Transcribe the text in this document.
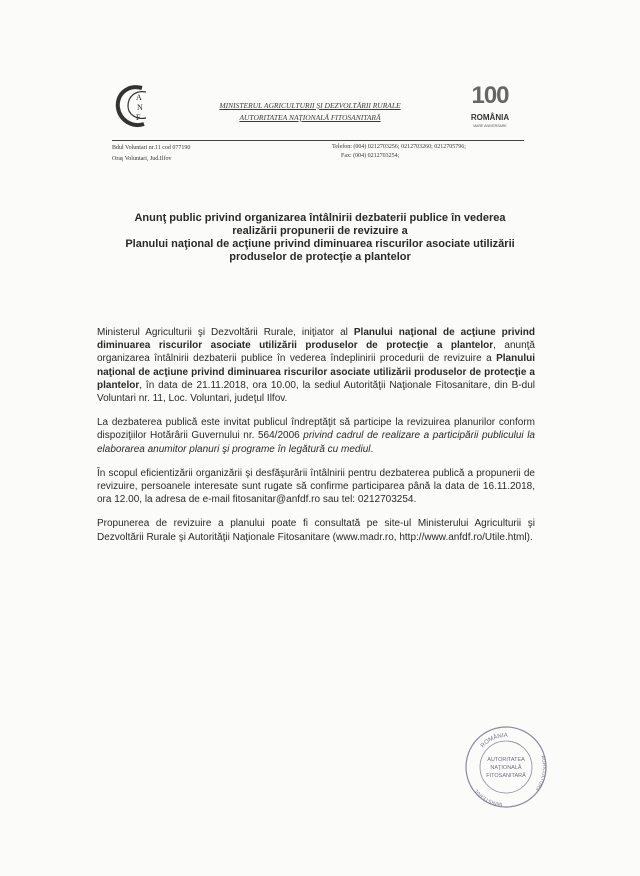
A
N
F
MINISTERUL AGRICULTURII ŞI DEZVOLTĂRII RURALE
AUTORITATEA NAŢIONALĂ FITOSANITARĂ
100
ROMÂNIA
MARE ANIVERSARE
Bdul Voluntari nr.11 cod 077190
Oraş Voluntari, Jud.Ilfov
Telefon: (004) 0212703256; 0212703260; 0212705796;
Fax: (004) 0212703254;
Anunţ public privind organizarea întâlnirii dezbaterii publice în vederea
realizării propunerii de revizuire a
Planului naţional de acţiune privind diminuarea riscurilor asociate utilizării
produselor de protecţie a plantelor

Ministerul Agriculturii şi Dezvoltării Rurale, iniţiator al Planului naţional de acţiune privind diminuarea riscurilor asociate utilizării produselor de protecţie a plantelor, anunţă organizarea întâlnirii dezbaterii publice în vederea îndeplinirii procedurii de revizuire a Planului naţional de acţiune privind diminuarea riscurilor asociate utilizării produselor de protecţie a plantelor, în data de 21.11.2018, ora 10.00, la sediul Autorităţii Naţionale Fitosanitare, din B-dul Voluntari nr. 11, Loc. Voluntari, judeţul Ilfov.

La dezbaterea publică este invitat publicul îndreptăţit să participe la revizuirea planurilor conform dispoziţiilor Hotărârii Guvernului nr. 564/2006 privind cadrul de realizare a participării publicului la elaborarea anumitor planuri şi programe în legătură cu mediul.

În scopul eficientizării organizării şi desfăşurării întâlnirii pentru dezbaterea publică a propunerii de revizuire, persoanele interesate sunt rugate să confirme participarea până la data de 16.11.2018, ora 12.00, la adresa de e-mail fitosanitar@anfdf.ro sau tel: 0212703254.

Propunerea de revizuire a planului poate fi consultată pe site-ul Ministerului Agriculturii şi Dezvoltării Rurale şi Autorităţii Naţionale Fitosanitare (www.madr.ro, http://www.anfdf.ro/Utile.html).

ROMÂNIA
MINISTERUL
AGRICULTURII
AUTORITATEA
NAŢIONALĂ
FITOSANITARĂ
